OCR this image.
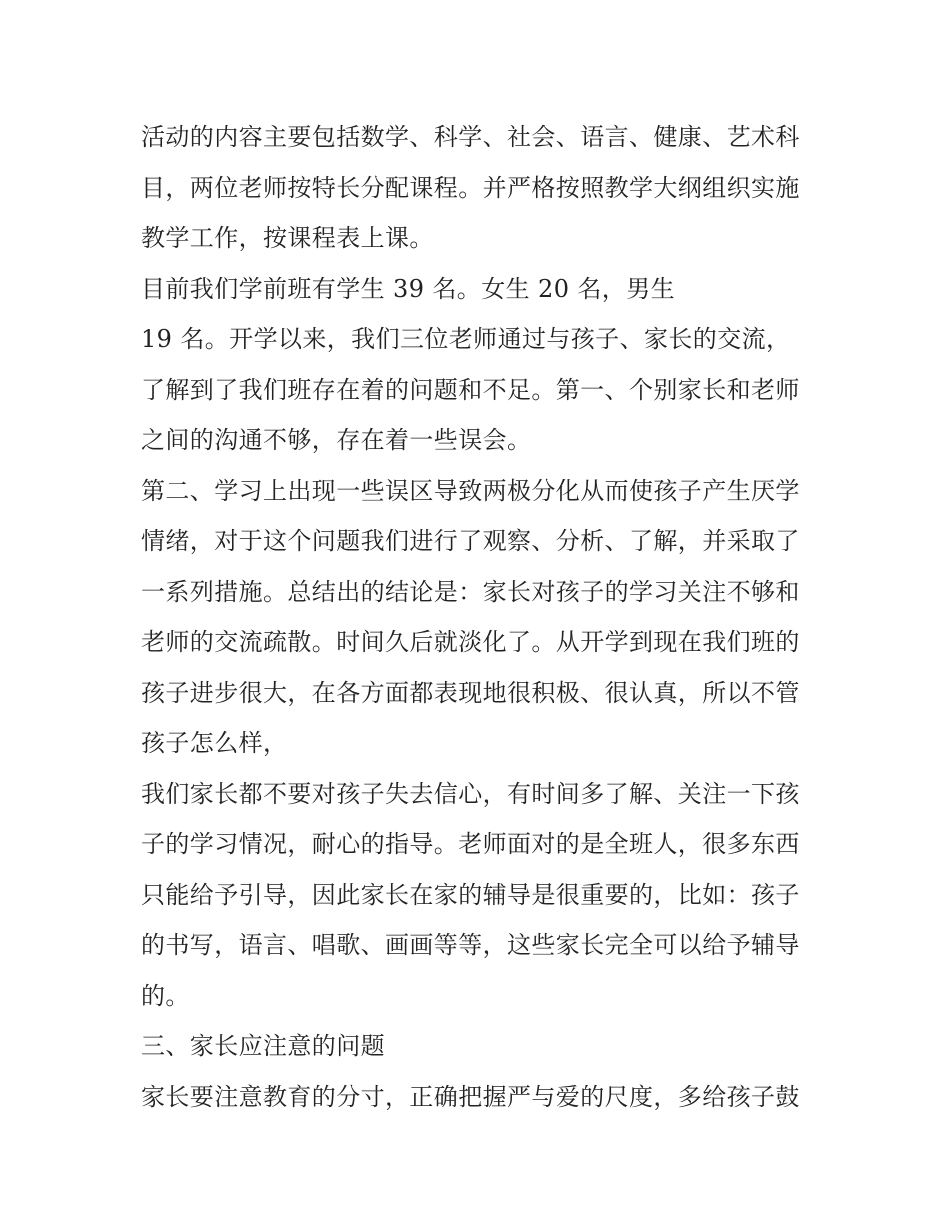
活动的内容主要包括数学、科学、社会、语言、健康、艺术科
目，两位老师按特长分配课程。并严格按照教学大纲组织实施
教学工作，按课程表上课。
目前我们学前班有学生 39 名。女生 20 名，男生
19 名。开学以来，我们三位老师通过与孩子、家长的交流，
了解到了我们班存在着的问题和不足。第一、个别家长和老师
之间的沟通不够，存在着一些误会。
第二、学习上出现一些误区导致两极分化从而使孩子产生厌学
情绪，对于这个问题我们进行了观察、分析、了解，并采取了
一系列措施。总结出的结论是：家长对孩子的学习关注不够和
老师的交流疏散。时间久后就淡化了。从开学到现在我们班的
孩子进步很大，在各方面都表现地很积极、很认真，所以不管
孩子怎么样，
我们家长都不要对孩子失去信心，有时间多了解、关注一下孩
子的学习情况，耐心的指导。老师面对的是全班人，很多东西
只能给予引导，因此家长在家的辅导是很重要的，比如：孩子
的书写，语言、唱歌、画画等等，这些家长完全可以给予辅导
的。
三、家长应注意的问题
家长要注意教育的分寸，正确把握严与爱的尺度，多给孩子鼓
